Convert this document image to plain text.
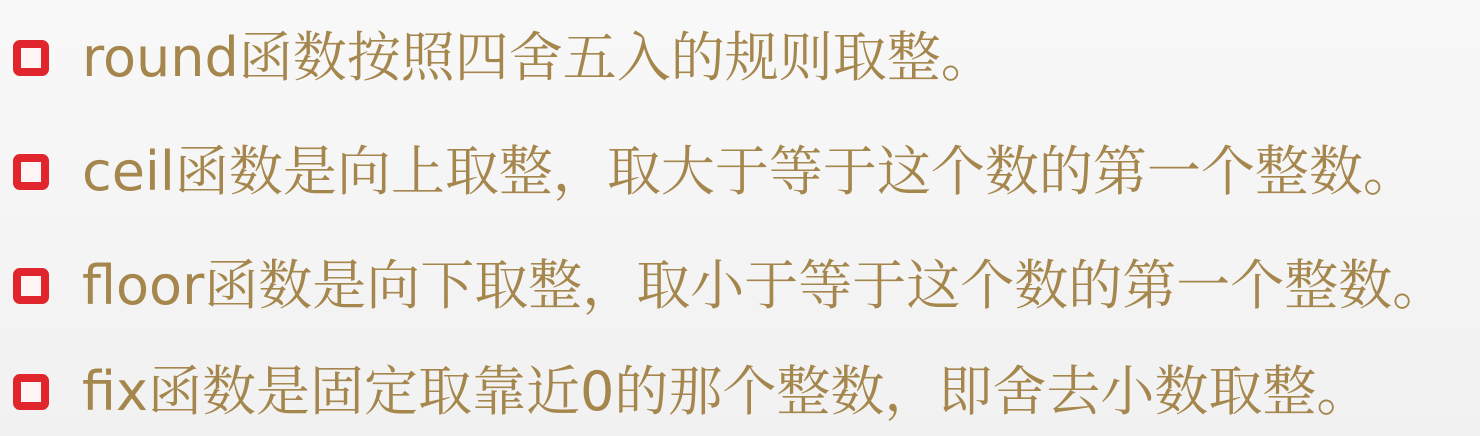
round函数按照四舍五入的规则取整。
ceil函数是向上取整，取大于等于这个数的第一个整数。
floor函数是向下取整，取小于等于这个数的第一个整数。
fix函数是固定取靠近0的那个整数，即舍去小数取整。
